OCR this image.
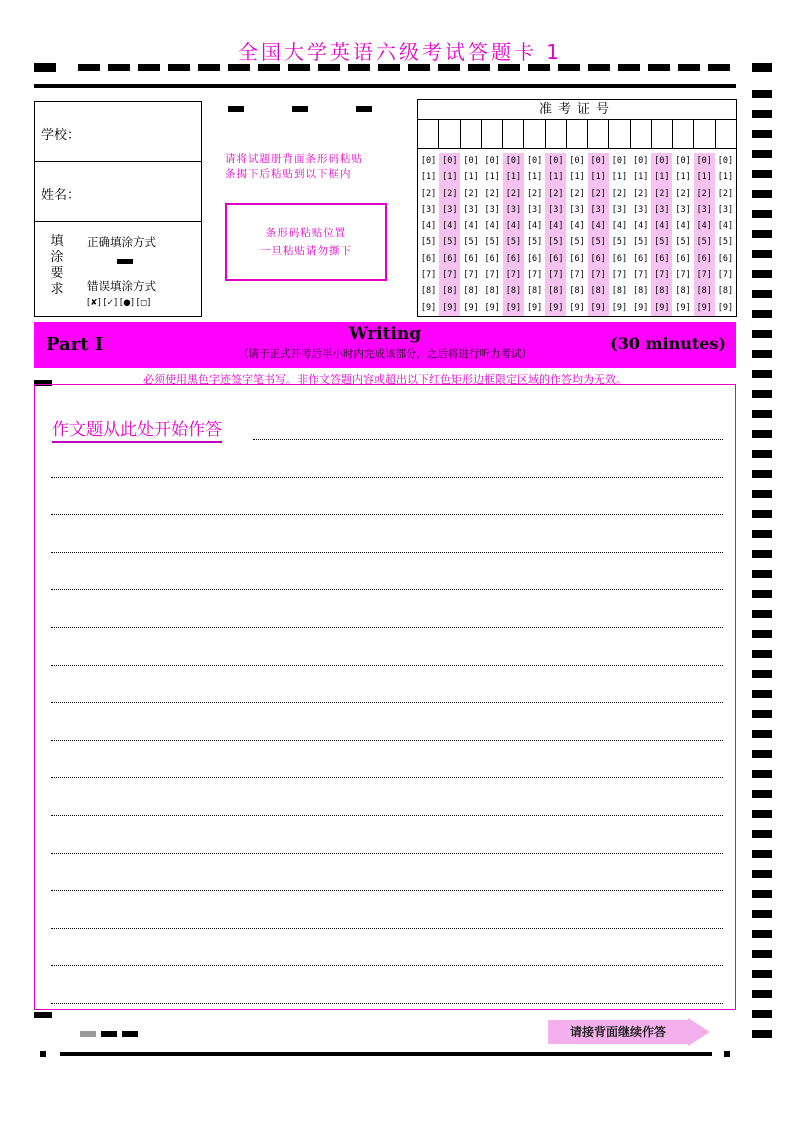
全国大学英语六级考试答题卡 1
学校：
姓名：
填
涂
要
求
正确填涂方式
错误填涂方式
[✘] [✓] [●] [◻]
请将试题册背面条形码粘贴
条揭下后粘贴到以下框内
条形码粘贴位置
一旦粘贴请勿撕下
准考证号
[0]
[1]
[2]
[3]
[4]
[5]
[6]
[7]
[8]
[9]
[0]
[1]
[2]
[3]
[4]
[5]
[6]
[7]
[8]
[9]
[0]
[1]
[2]
[3]
[4]
[5]
[6]
[7]
[8]
[9]
[0]
[1]
[2]
[3]
[4]
[5]
[6]
[7]
[8]
[9]
[0]
[1]
[2]
[3]
[4]
[5]
[6]
[7]
[8]
[9]
[0]
[1]
[2]
[3]
[4]
[5]
[6]
[7]
[8]
[9]
[0]
[1]
[2]
[3]
[4]
[5]
[6]
[7]
[8]
[9]
[0]
[1]
[2]
[3]
[4]
[5]
[6]
[7]
[8]
[9]
[0]
[1]
[2]
[3]
[4]
[5]
[6]
[7]
[8]
[9]
[0]
[1]
[2]
[3]
[4]
[5]
[6]
[7]
[8]
[9]
[0]
[1]
[2]
[3]
[4]
[5]
[6]
[7]
[8]
[9]
[0]
[1]
[2]
[3]
[4]
[5]
[6]
[7]
[8]
[9]
[0]
[1]
[2]
[3]
[4]
[5]
[6]
[7]
[8]
[9]
[0]
[1]
[2]
[3]
[4]
[5]
[6]
[7]
[8]
[9]
[0]
[1]
[2]
[3]
[4]
[5]
[6]
[7]
[8]
[9]
Part I	Writing
（请于正式开考后半小时内完成该部分，之后将进行听力考试）
(30 minutes)
必须使用黑色字迹签字笔书写。非作文答题内容或超出以下红色矩形边框限定区域的作答均为无效。
作文题从此处开始作答
请接背面继续作答
